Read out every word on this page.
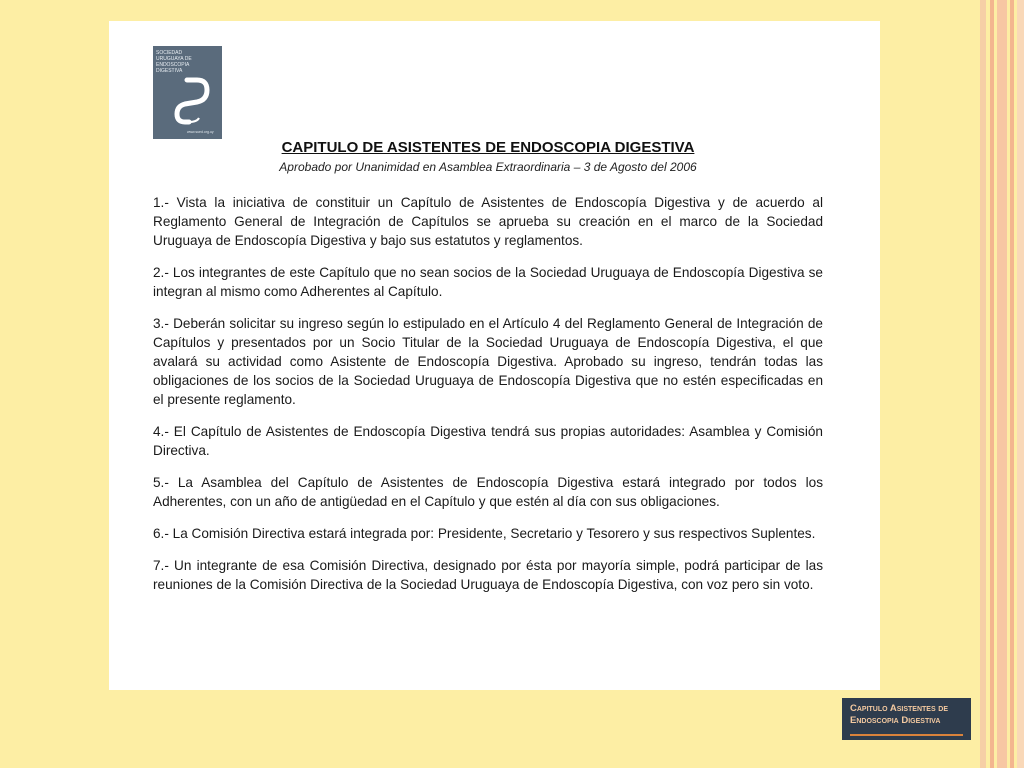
SOCIEDAD
URUGUAYA DE
ENDOSCOPIA
DIGESTIVA
www.sued.org.uy
CAPITULO DE ASISTENTES DE ENDOSCOPIA DIGESTIVA
Aprobado por Unanimidad en Asamblea Extraordinaria – 3 de Agosto del 2006

1.- Vista la iniciativa de constituir un Capítulo de Asistentes de Endoscopía Digestiva y de acuerdo al Reglamento General de Integración de Capítulos se aprueba su creación en el marco de la Sociedad Uruguaya de Endoscopía Digestiva y bajo sus estatutos y reglamentos.

2.- Los integrantes de este Capítulo que no sean socios de la Sociedad Uruguaya de Endoscopía Digestiva se integran al mismo como Adherentes al Capítulo.

3.- Deberán solicitar su ingreso según lo estipulado en el Artículo 4 del Reglamento General de Integración de Capítulos y presentados por un Socio Titular de la Sociedad Uruguaya de Endoscopía Digestiva, el que avalará su actividad como Asistente de Endoscopía Digestiva. Aprobado su ingreso, tendrán todas las obligaciones de los socios de la Sociedad Uruguaya de Endoscopía Digestiva que no estén especificadas en el presente reglamento.

4.- El Capítulo de Asistentes de Endoscopía Digestiva tendrá sus propias autoridades: Asamblea y Comisión Directiva.

5.- La Asamblea del Capítulo de Asistentes de Endoscopía Digestiva estará integrado por todos los Adherentes, con un año de antigüedad en el Capítulo y que estén al día con sus obligaciones.

6.- La Comisión Directiva estará integrada por: Presidente, Secretario y Tesorero y sus respectivos Suplentes.

7.- Un integrante de esa Comisión Directiva, designado por ésta por mayoría simple, podrá participar de las reuniones de la Comisión Directiva de la Sociedad Uruguaya de Endoscopía Digestiva, con voz pero sin voto.

Capitulo Asistentes de
Endoscopia Digestiva
